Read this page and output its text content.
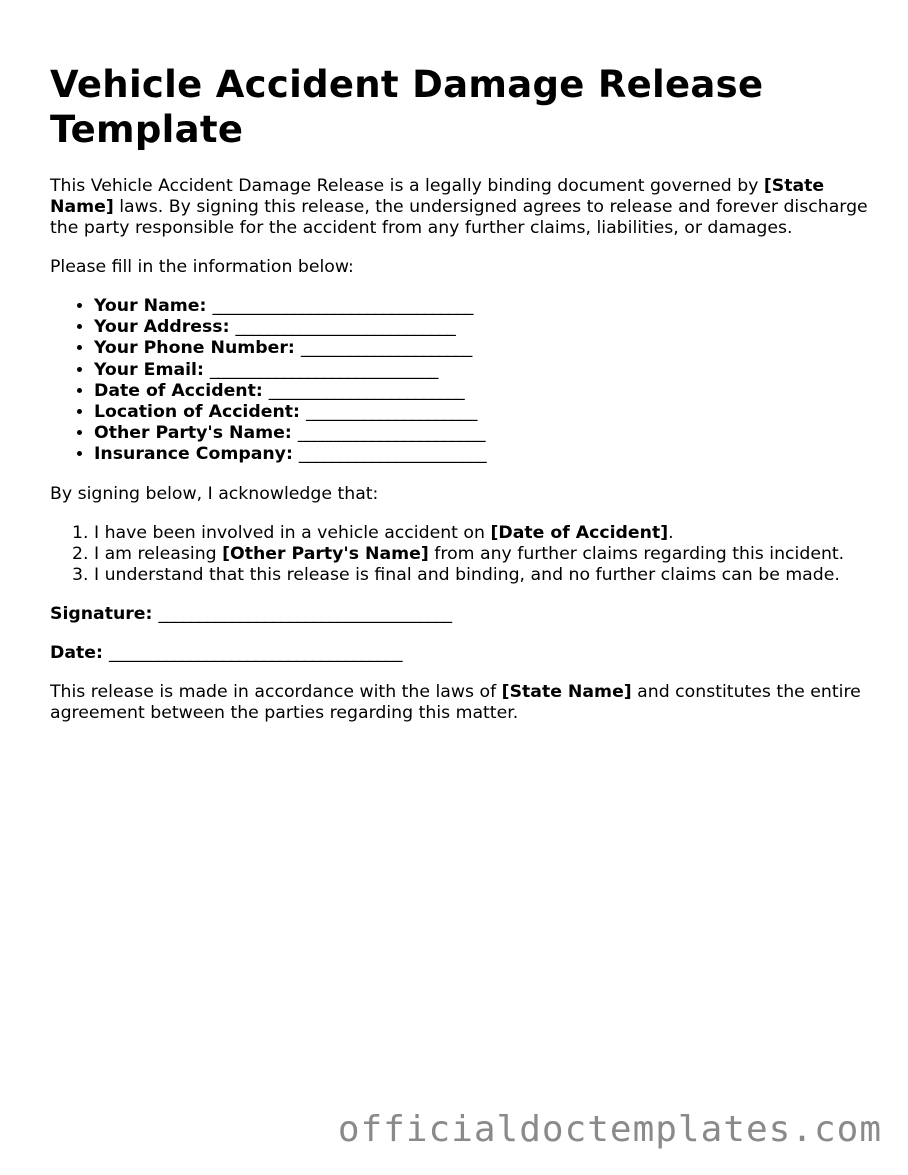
Vehicle Accident Damage Release Template

This Vehicle Accident Damage Release is a legally binding document governed by [State Name] laws. By signing this release, the undersigned agrees to release and forever discharge the party responsible for the accident from any further claims, liabilities, or damages.

Please fill in the information below:

• Your Name: ________________________________
• Your Address: ___________________________
• Your Phone Number: _____________________
• Your Email: ____________________________
• Date of Accident: ________________________
• Location of Accident: _____________________
• Other Party's Name: _______________________
• Insurance Company: _______________________

By signing below, I acknowledge that:

1. I have been involved in a vehicle accident on [Date of Accident].
2. I am releasing [Other Party's Name] from any further claims regarding this incident.
3. I understand that this release is final and binding, and no further claims can be made.

Signature: ____________________________________

Date: ____________________________________

This release is made in accordance with the laws of [State Name] and constitutes the entire agreement between the parties regarding this matter.

officialdoctemplates.com
